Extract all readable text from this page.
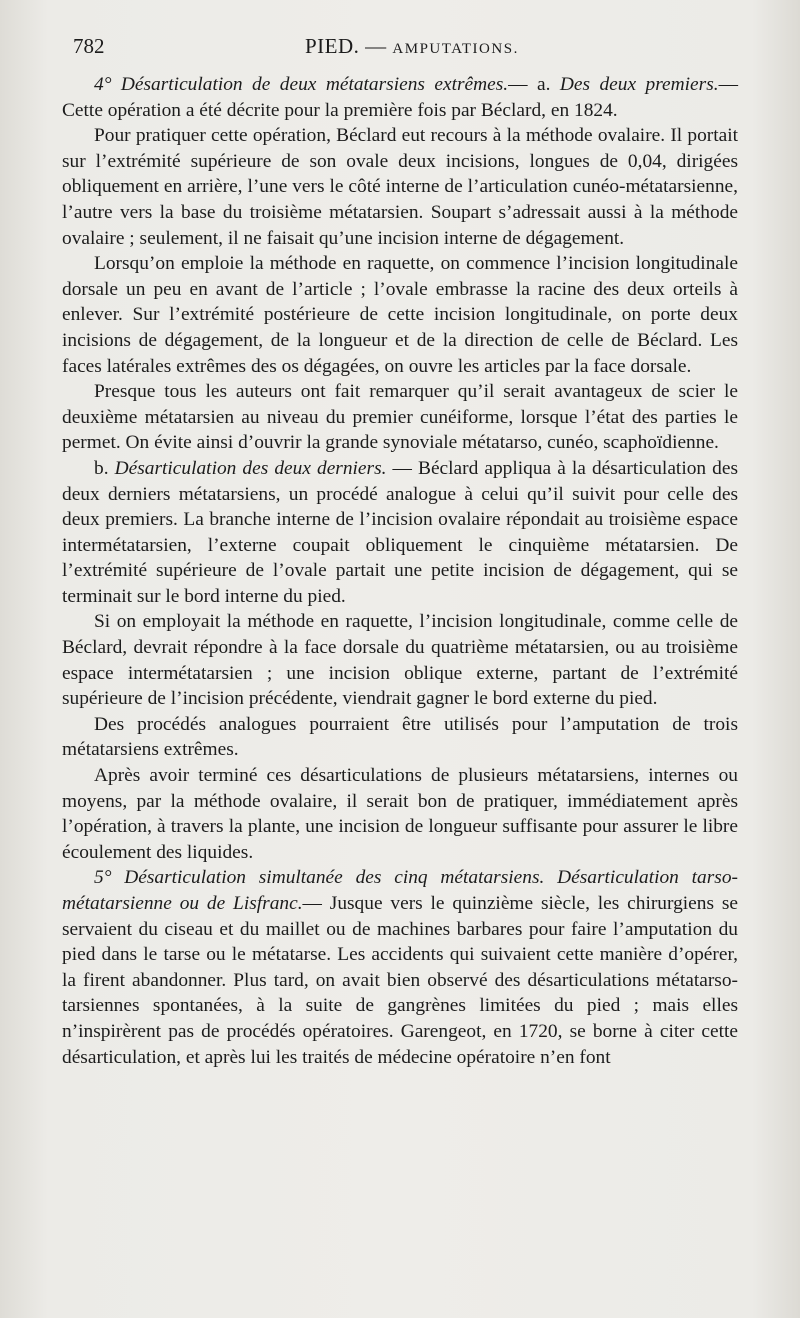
782	PIED. — AMPUTATIONS.

4° Désarticulation de deux métatarsiens extrêmes.— a. Des deux premiers.— Cette opération a été décrite pour la première fois par Béclard, en 1824.

Pour pratiquer cette opération, Béclard eut recours à la méthode ovalaire. Il portait sur l’extrémité supérieure de son ovale deux incisions, longues de 0,04, dirigées obliquement en arrière, l’une vers le côté interne de l’articulation cunéo-métatarsienne, l’autre vers la base du troisième métatarsien. Soupart s’adressait aussi à la méthode ovalaire ; seulement, il ne faisait qu’une incision interne de dégagement.

Lorsqu’on emploie la méthode en raquette, on commence l’incision longitudinale dorsale un peu en avant de l’article ; l’ovale embrasse la racine des deux orteils à enlever. Sur l’extrémité postérieure de cette incision longitudinale, on porte deux incisions de dégagement, de la longueur et de la direction de celle de Béclard. Les faces latérales extrêmes des os dégagées, on ouvre les articles par la face dorsale.

Presque tous les auteurs ont fait remarquer qu’il serait avantageux de scier le deuxième métatarsien au niveau du premier cunéiforme, lorsque l’état des parties le permet. On évite ainsi d’ouvrir la grande synoviale métatarso, cunéo, scaphoïdienne.

b. Désarticulation des deux derniers. — Béclard appliqua à la désarticulation des deux derniers métatarsiens, un procédé analogue à celui qu’il suivit pour celle des deux premiers. La branche interne de l’incision ovalaire répondait au troisième espace intermétatarsien, l’externe coupait obliquement le cinquième métatarsien. De l’extrémité supérieure de l’ovale partait une petite incision de dégagement, qui se terminait sur le bord interne du pied.

Si on employait la méthode en raquette, l’incision longitudinale, comme celle de Béclard, devrait répondre à la face dorsale du quatrième métatarsien, ou au troisième espace intermétatarsien ; une incision oblique externe, partant de l’extrémité supérieure de l’incision précédente, viendrait gagner le bord externe du pied.

Des procédés analogues pourraient être utilisés pour l’amputation de trois métatarsiens extrêmes.

Après avoir terminé ces désarticulations de plusieurs métatarsiens, internes ou moyens, par la méthode ovalaire, il serait bon de pratiquer, immédiatement après l’opération, à travers la plante, une incision de longueur suffisante pour assurer le libre écoulement des liquides.

5° Désarticulation simultanée des cinq métatarsiens. Désarticulation tarso-métatarsienne ou de Lisfranc.— Jusque vers le quinzième siècle, les chirurgiens se servaient du ciseau et du maillet ou de machines barbares pour faire l’amputation du pied dans le tarse ou le métatarse. Les accidents qui suivaient cette manière d’opérer, la firent abandonner. Plus tard, on avait bien observé des désarticulations métatarso-tarsiennes spontanées, à la suite de gangrènes limitées du pied ; mais elles n’inspirèrent pas de procédés opératoires. Garengeot, en 1720, se borne à citer cette désarticulation, et après lui les traités de médecine opératoire n’en font
